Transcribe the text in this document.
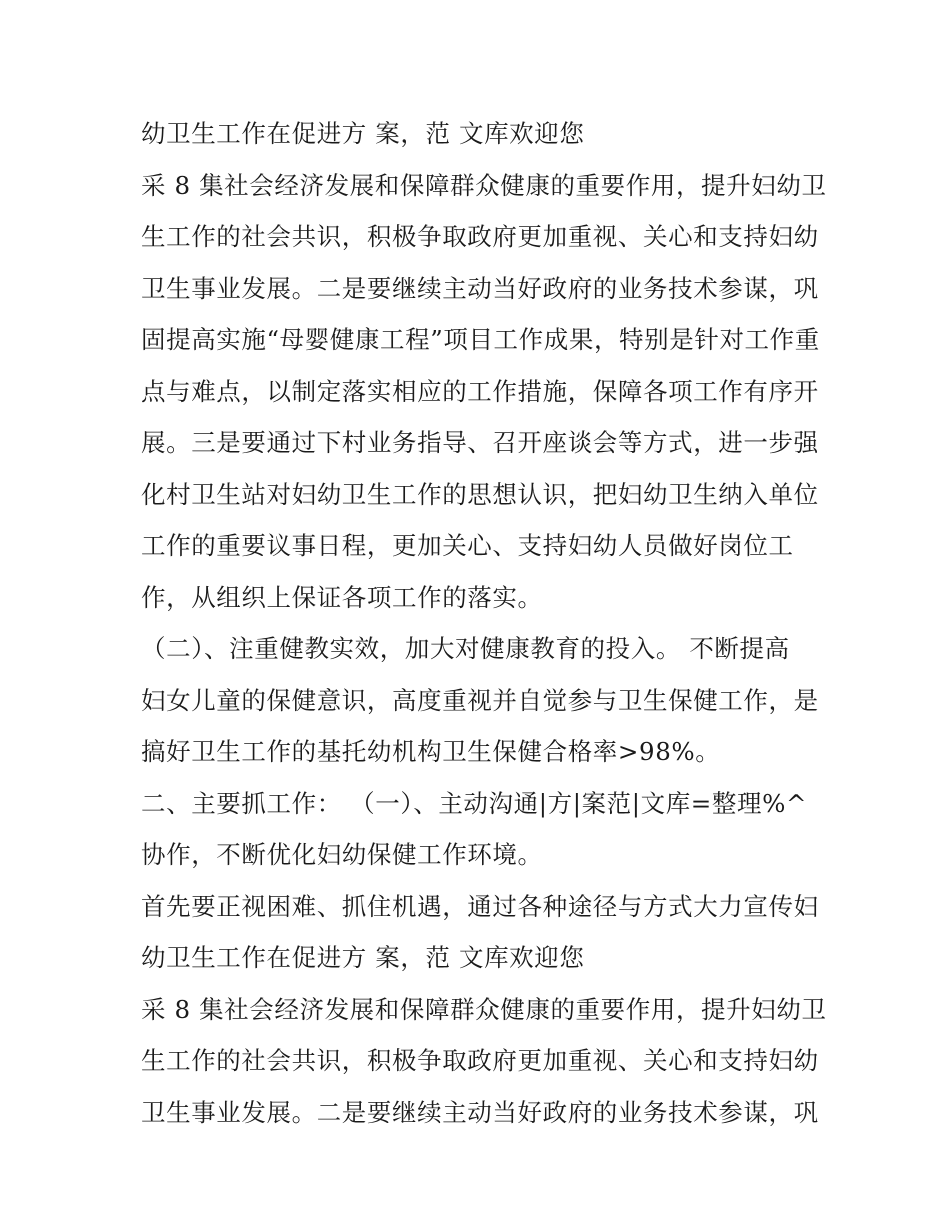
幼卫生工作在促进方 案，范 文库欢迎您
采 8 集社会经济发展和保障群众健康的重要作用，提升妇幼卫
生工作的社会共识，积极争取政府更加重视、关心和支持妇幼
卫生事业发展。二是要继续主动当好政府的业务技术参谋，巩
固提高实施“母婴健康工程”项目工作成果，特别是针对工作重
点与难点，以制定落实相应的工作措施，保障各项工作有序开
展。三是要通过下村业务指导、召开座谈会等方式，进一步强
化村卫生站对妇幼卫生工作的思想认识，把妇幼卫生纳入单位
工作的重要议事日程，更加关心、支持妇幼人员做好岗位工
作，从组织上保证各项工作的落实。
（二）、注重健教实效，加大对健康教育的投入。 不断提高
妇女儿童的保健意识，高度重视并自觉参与卫生保健工作，是
搞好卫生工作的基托幼机构卫生保健合格率>98%。
二、主要抓工作： （一）、主动沟通|方|案范|文库=整理%^
协作，不断优化妇幼保健工作环境。
首先要正视困难、抓住机遇，通过各种途径与方式大力宣传妇
幼卫生工作在促进方 案，范 文库欢迎您
采 8 集社会经济发展和保障群众健康的重要作用，提升妇幼卫
生工作的社会共识，积极争取政府更加重视、关心和支持妇幼
卫生事业发展。二是要继续主动当好政府的业务技术参谋，巩
